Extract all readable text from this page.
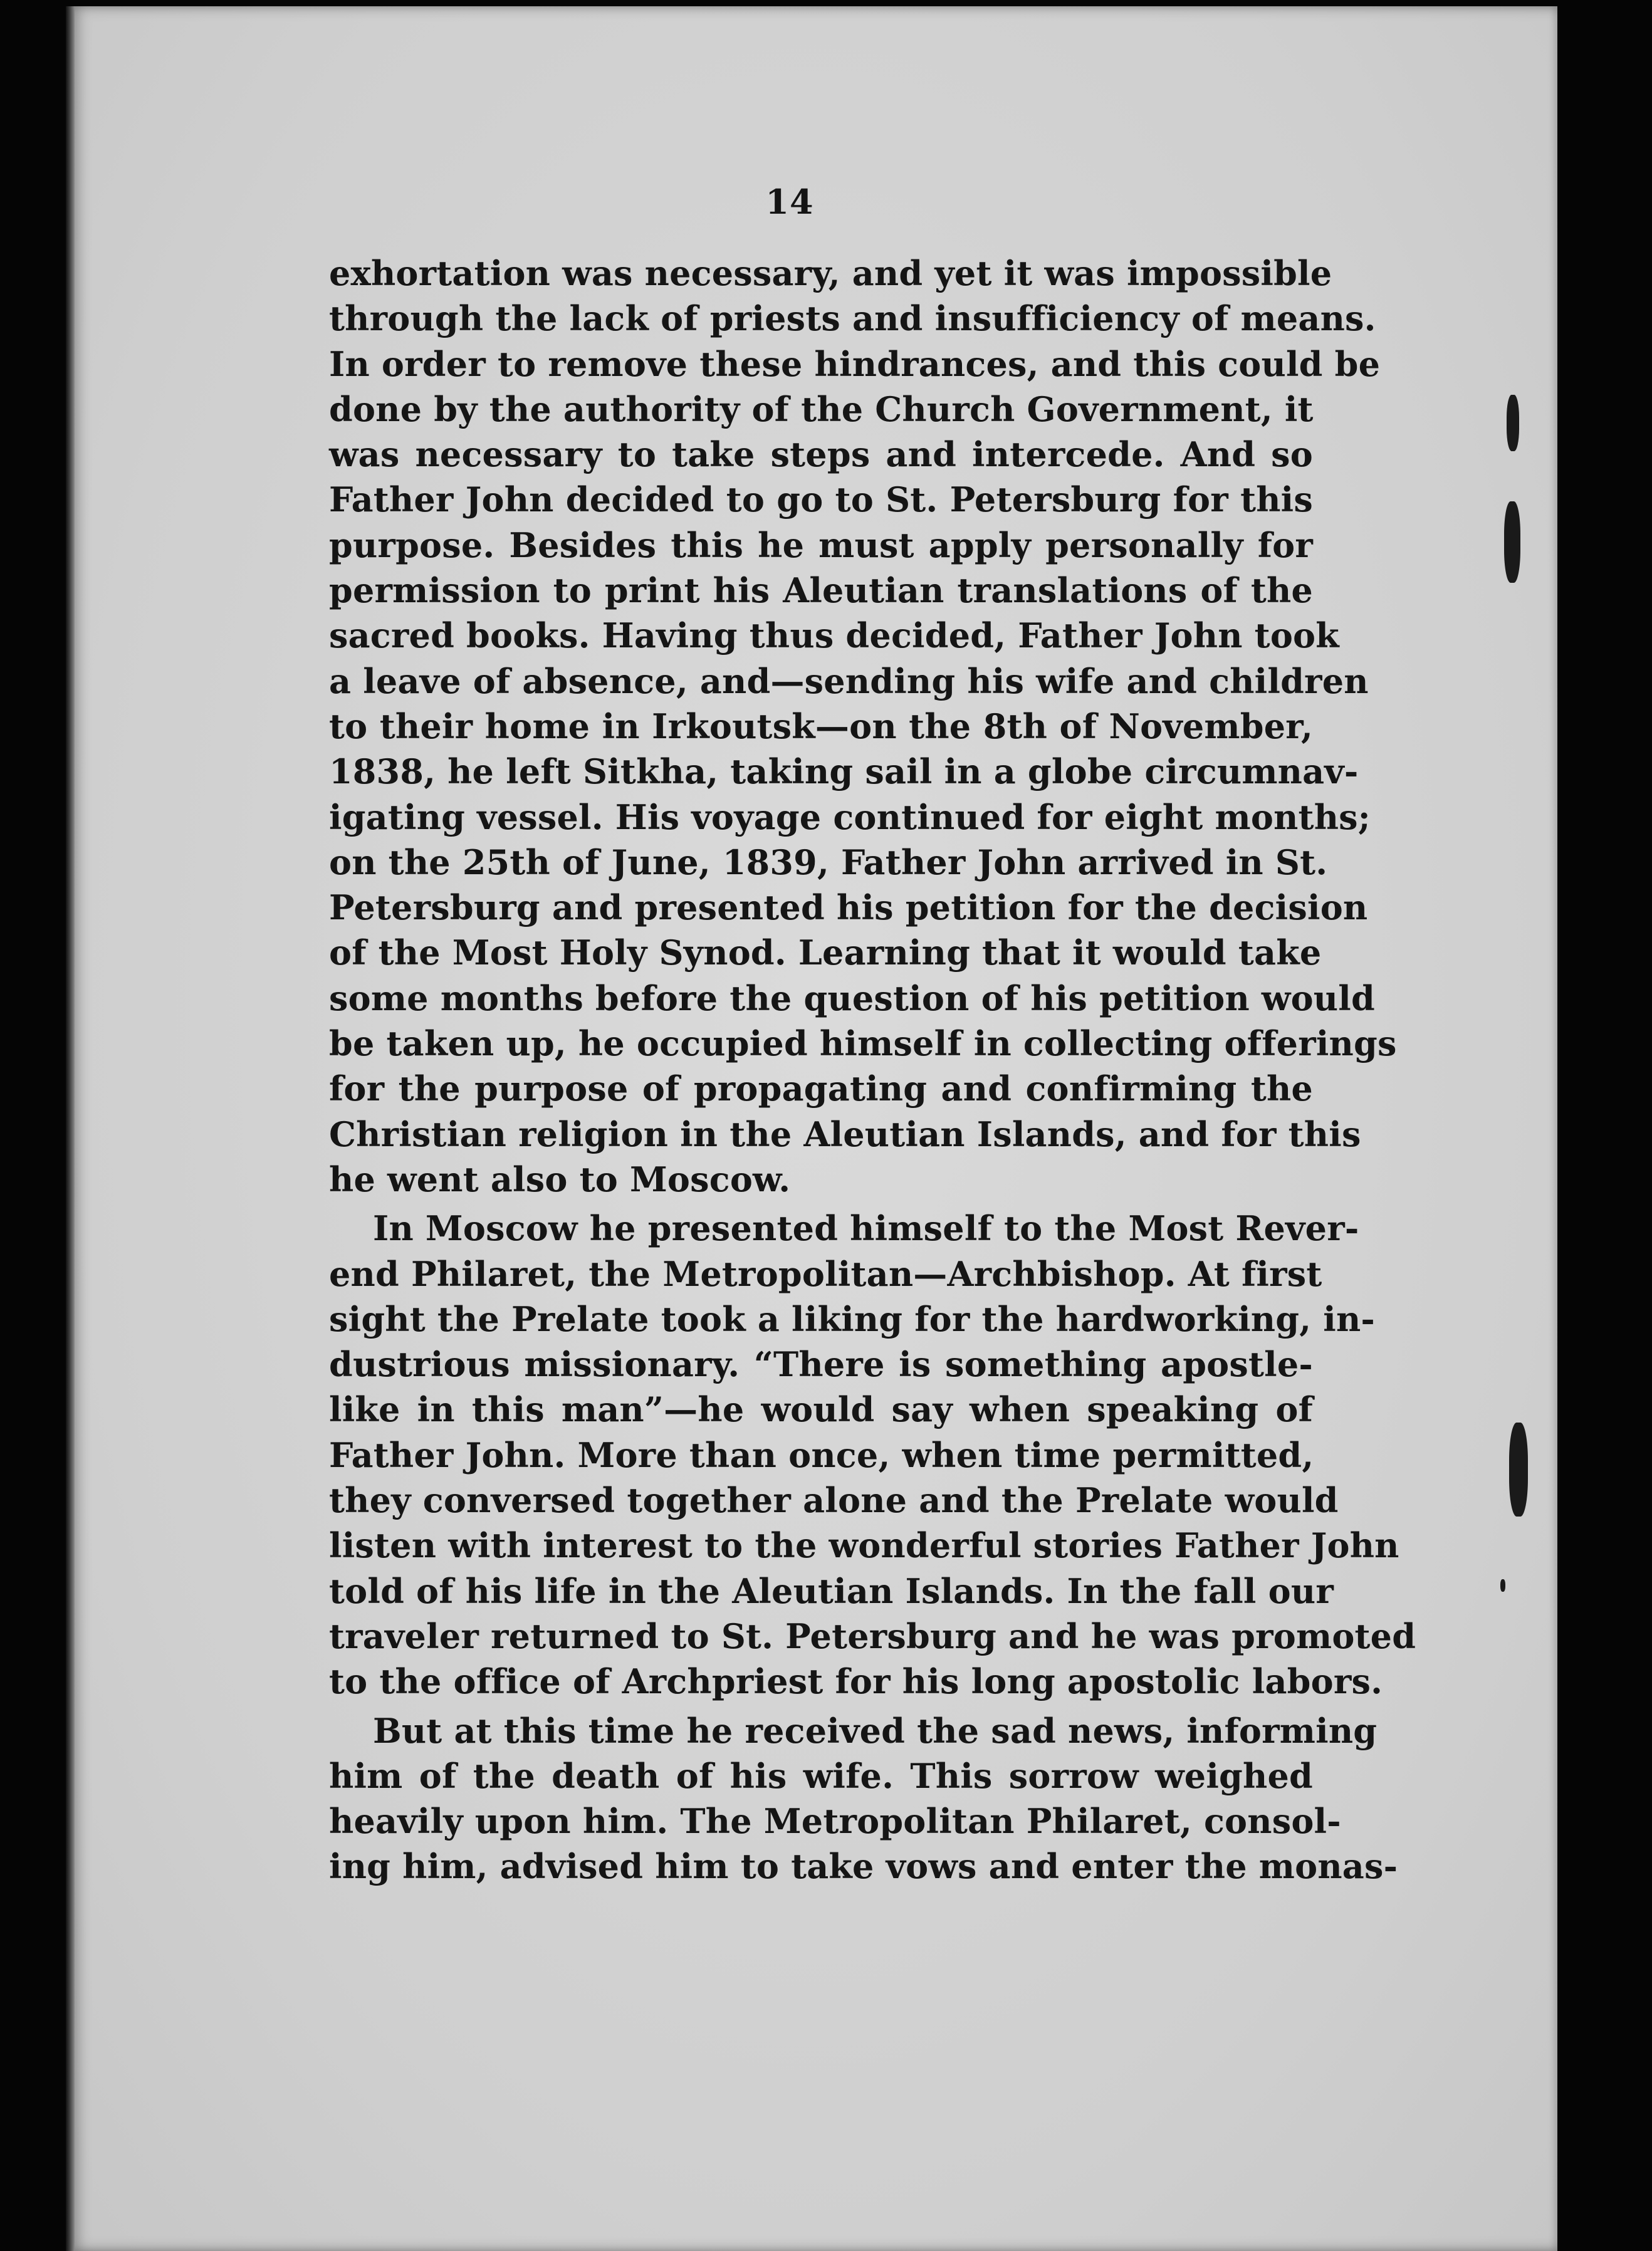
14
exhortation was necessary, and yet it was impossible
through the lack of priests and insufficiency of means.
In order to remove these hindrances, and this could be
done by the authority of the Church Government, it
was necessary to take steps and intercede. And so
Father John decided to go to St. Petersburg for this
purpose. Besides this he must apply personally for
permission to print his Aleutian translations of the
sacred books. Having thus decided, Father John took
a leave of absence, and—sending his wife and children
to their home in Irkoutsk—on the 8th of November,
1838, he left Sitkha, taking sail in a globe circumnav-
igating vessel. His voyage continued for eight months;
on the 25th of June, 1839, Father John arrived in St.
Petersburg and presented his petition for the decision
of the Most Holy Synod. Learning that it would take
some months before the question of his petition would
be taken up, he occupied himself in collecting offerings
for the purpose of propagating and confirming the
Christian religion in the Aleutian Islands, and for this
he went also to Moscow.
In Moscow he presented himself to the Most Rever-
end Philaret, the Metropolitan—Archbishop. At first
sight the Prelate took a liking for the hardworking, in-
dustrious missionary. “There is something apostle-
like in this man”—he would say when speaking of
Father John. More than once, when time permitted,
they conversed together alone and the Prelate would
listen with interest to the wonderful stories Father John
told of his life in the Aleutian Islands. In the fall our
traveler returned to St. Petersburg and he was promoted
to the office of Archpriest for his long apostolic labors.
But at this time he received the sad news, informing
him of the death of his wife. This sorrow weighed
heavily upon him. The Metropolitan Philaret, consol-
ing him, advised him to take vows and enter the monas-
